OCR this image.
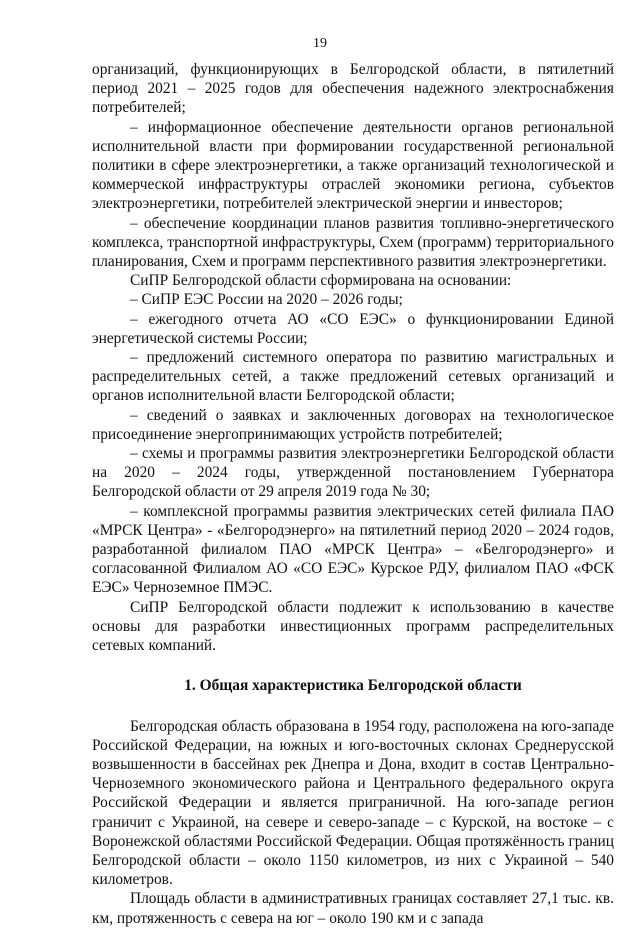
19

организаций, функционирующих в Белгородской области, в пятилетний период 2021 – 2025 годов для обеспечения надежного электроснабжения потребителей;

– информационное обеспечение деятельности органов региональной исполнительной власти при формировании государственной региональной политики в сфере электроэнергетики, а также организаций технологической и коммерческой инфраструктуры отраслей экономики региона, субъектов электроэнергетики, потребителей электрической энергии и инвесторов;

– обеспечение координации планов развития топливно-энергетического комплекса, транспортной инфраструктуры, Схем (программ) территориального планирования, Схем и программ перспективного развития электроэнергетики.

СиПР Белгородской области сформирована на основании:

– СиПР ЕЭС России на 2020 – 2026 годы;

– ежегодного отчета АО «СО ЕЭС» о функционировании Единой энергетической системы России;

– предложений системного оператора по развитию магистральных и распределительных сетей, а также предложений сетевых организаций и органов исполнительной власти Белгородской области;

– сведений о заявках и заключенных договорах на технологическое присоединение энергопринимающих устройств потребителей;

– схемы и программы развития электроэнергетики Белгородской области на 2020 – 2024 годы, утвержденной постановлением Губернатора Белгородской области от 29 апреля 2019 года № 30;

– комплексной программы развития электрических сетей филиала ПАО «МРСК Центра» - «Белгородэнерго» на пятилетний период 2020 – 2024 годов, разработанной филиалом ПАО «МРСК Центра» – «Белгородэнерго» и согласованной Филиалом АО «СО ЕЭС» Курское РДУ, филиалом ПАО «ФСК ЕЭС» Черноземное ПМЭС.

СиПР Белгородской области подлежит к использованию в качестве основы для разработки инвестиционных программ распределительных сетевых компаний.

1. Общая характеристика Белгородской области

Белгородская область образована в 1954 году, расположена на юго-западе Российской Федерации, на южных и юго-восточных склонах Среднерусской возвышенности в бассейнах рек Днепра и Дона, входит в состав Центрально-Черноземного экономического района и Центрального федерального округа Российской Федерации и является приграничной. На юго-западе регион граничит с Украиной, на севере и северо-западе – с Курской, на востоке – с Воронежской областями Российской Федерации. Общая протяжённость границ Белгородской области – около 1150 километров, из них с Украиной – 540 километров.

Площадь области в административных границах составляет 27,1 тыс. кв. км, протяженность с севера на юг – около 190 км и с запада
